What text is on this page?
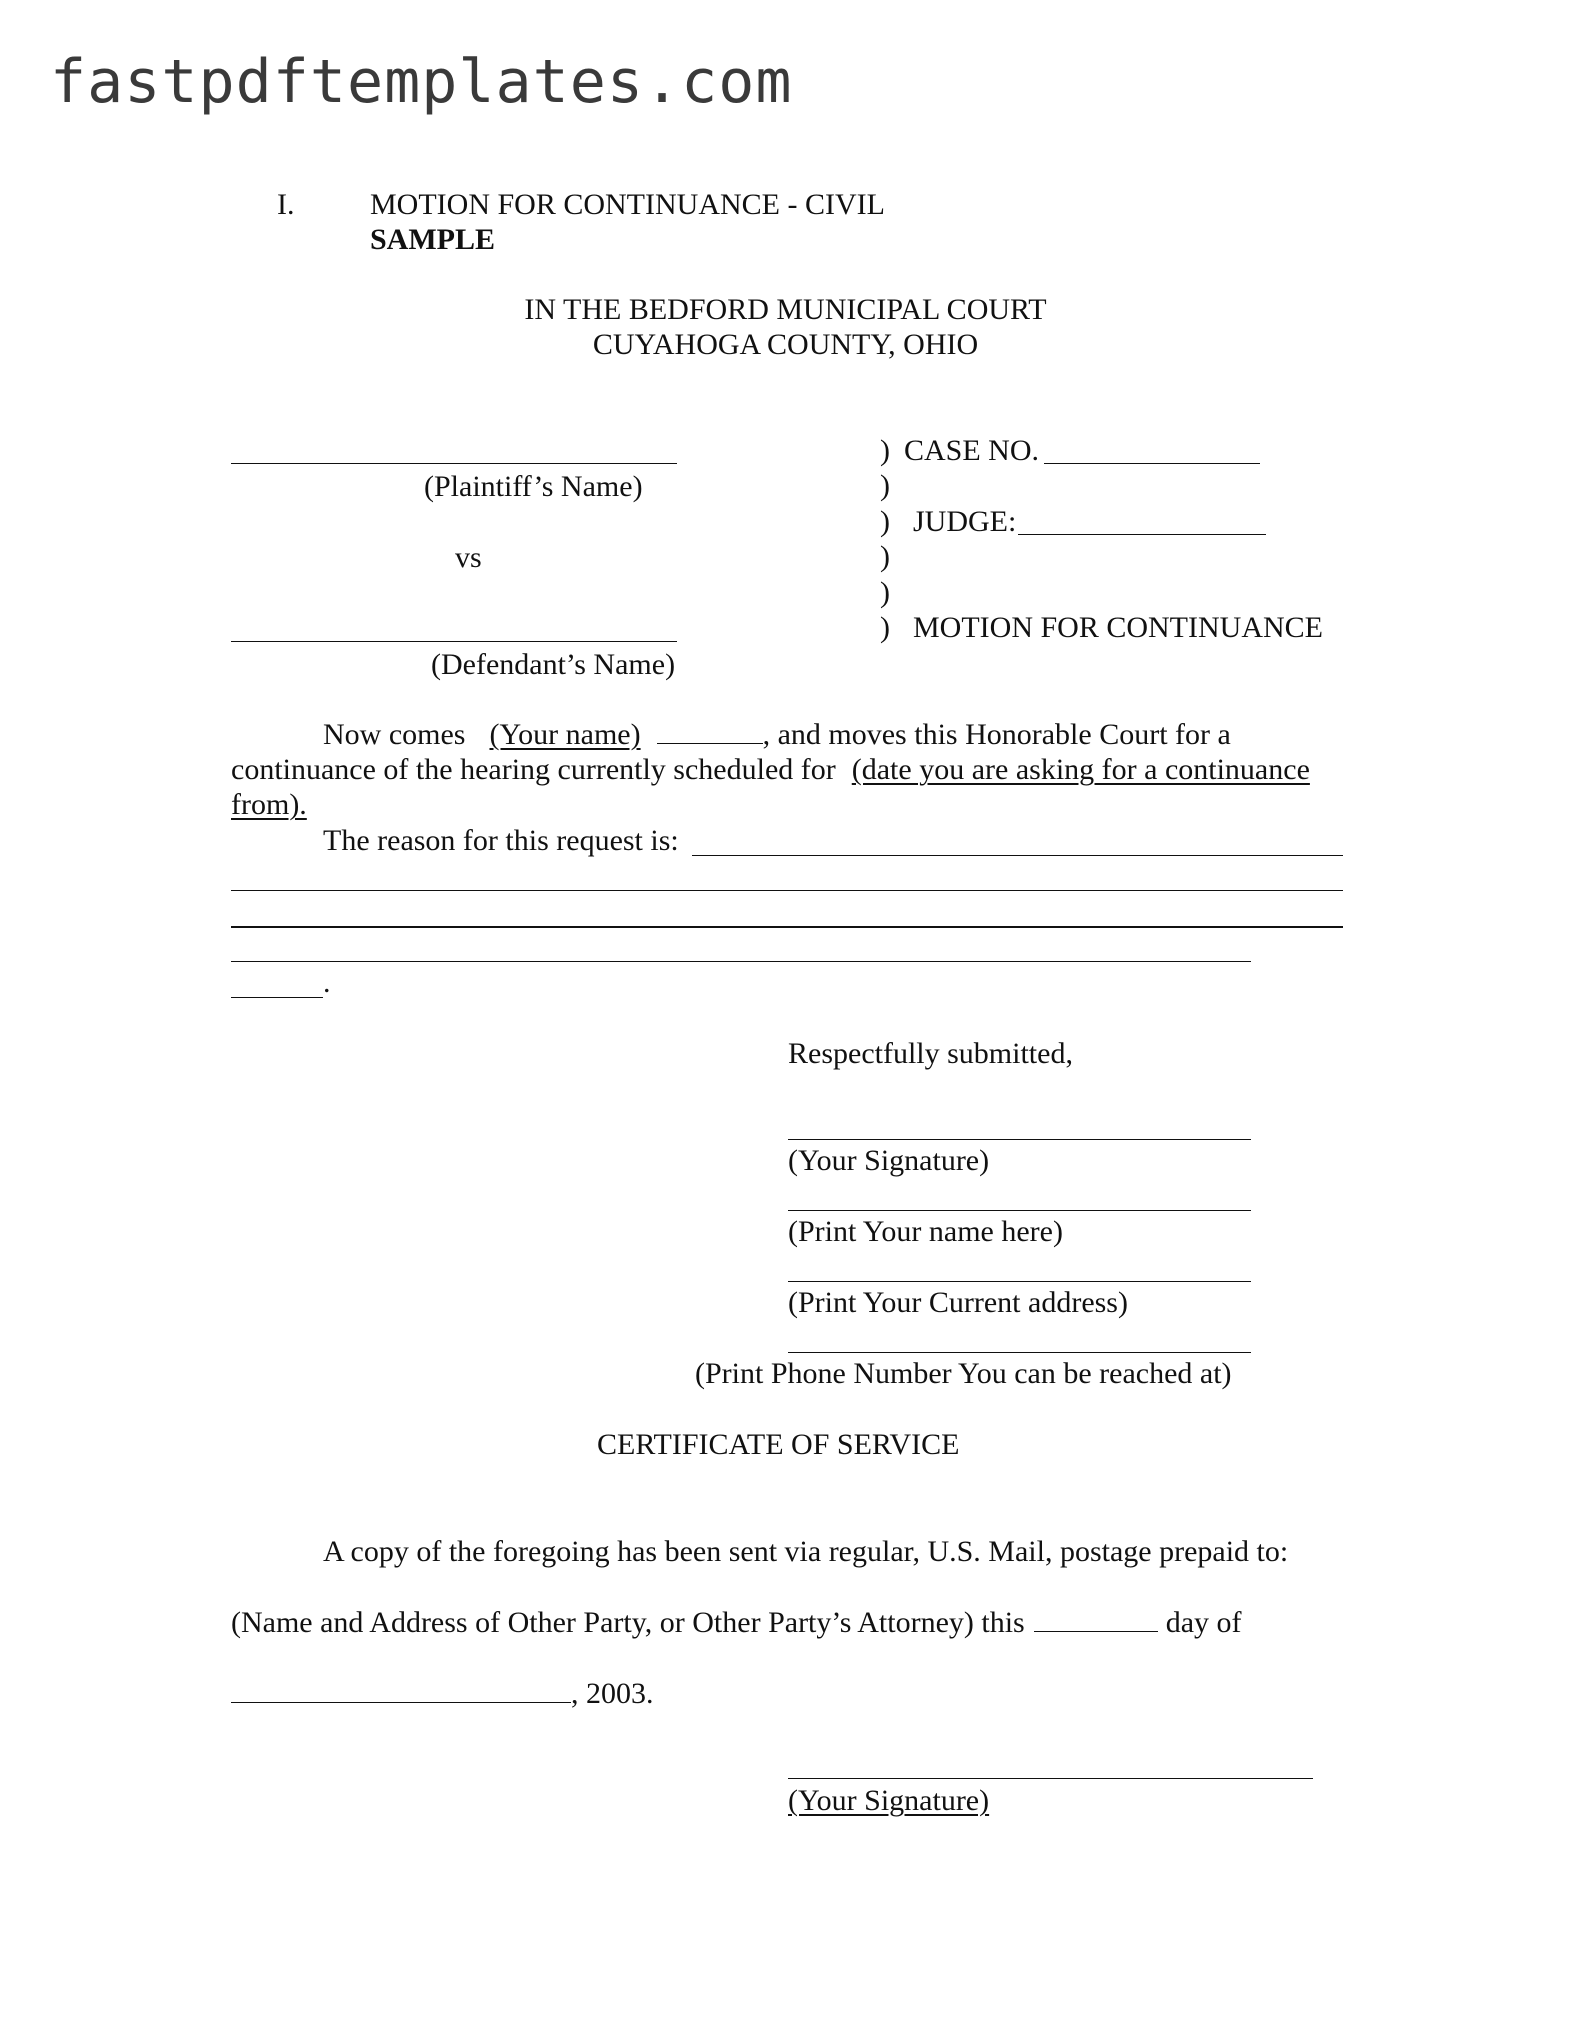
fastpdftemplates.com
I.	MOTION FOR CONTINUANCE - CIVIL
SAMPLE
IN THE BEDFORD MUNICIPAL COURT
CUYAHOGA COUNTY, OHIO
(Plaintiff’s Name)
vs
(Defendant’s Name)
)
)
)
)
)
)
CASE NO.
JUDGE:
MOTION FOR CONTINUANCE
Now comes (Your name)	, and moves this Honorable Court for a
continuance of the hearing currently scheduled for (date you are asking for a continuance
from).
The reason for this request is:
.
Respectfully submitted,
(Your Signature)
(Print Your name here)
(Print Your Current address)
(Print Phone Number You can be reached at)
CERTIFICATE OF SERVICE
A copy of the foregoing has been sent via regular, U.S. Mail, postage prepaid to:
(Name and Address of Other Party, or Other Party’s Attorney) this	day of
, 2003.
(Your Signature)
